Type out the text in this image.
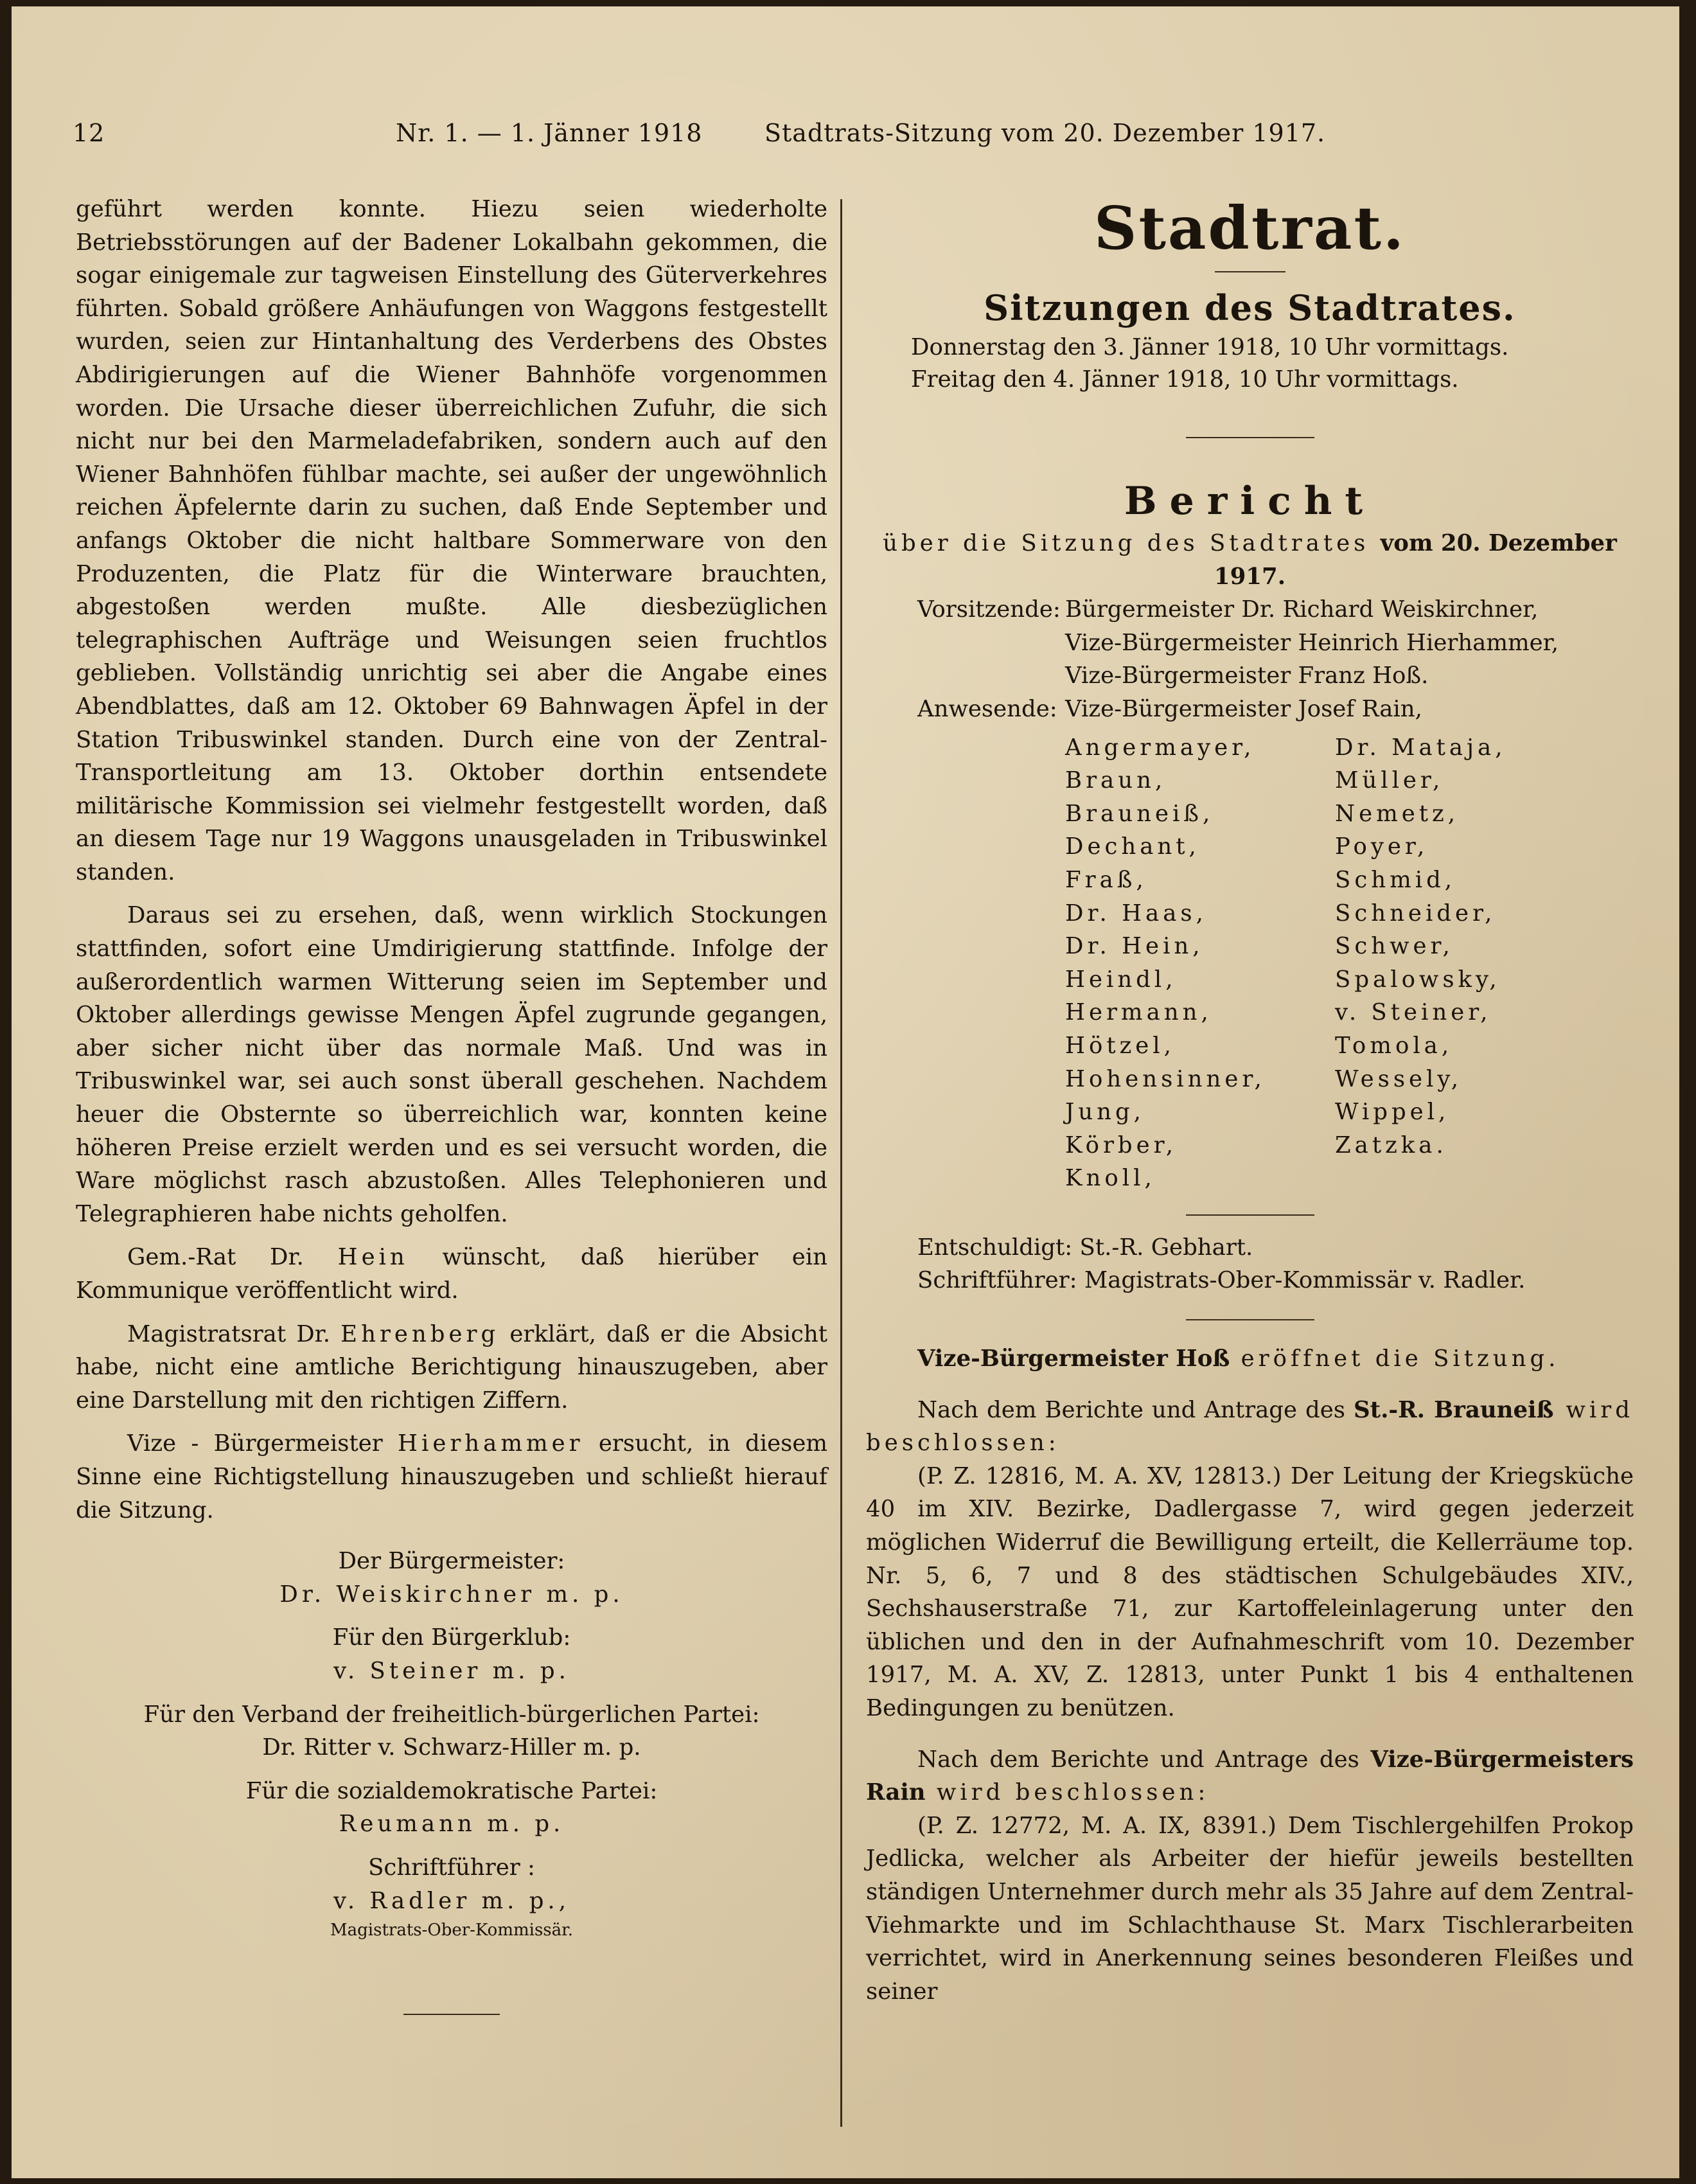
12	Nr. 1. — 1. Jänner 1918	Stadtrats-Sitzung vom 20. Dezember 1917.

geführt werden konnte. Hiezu seien wiederholte Betriebsstörungen auf der Badener Lokalbahn gekommen, die sogar einigemale zur tagweisen Einstellung des Güterverkehres führten. Sobald größere Anhäufungen von Waggons festgestellt wurden, seien zur Hintanhaltung des Verderbens des Obstes Abdirigierungen auf die Wiener Bahnhöfe vorgenommen worden. Die Ursache dieser überreichlichen Zufuhr, die sich nicht nur bei den Marmeladefabriken, sondern auch auf den Wiener Bahnhöfen fühlbar machte, sei außer der ungewöhnlich reichen Äpfelernte darin zu suchen, daß Ende September und anfangs Oktober die nicht haltbare Sommerware von den Produzenten, die Platz für die Winterware brauchten, abgestoßen werden mußte. Alle diesbezüglichen telegraphischen Aufträge und Weisungen seien fruchtlos geblieben. Vollständig unrichtig sei aber die Angabe eines Abendblattes, daß am 12. Oktober 69 Bahnwagen Äpfel in der Station Tribuswinkel standen. Durch eine von der Zentral-Transportleitung am 13. Oktober dorthin entsendete militärische Kommission sei vielmehr festgestellt worden, daß an diesem Tage nur 19 Waggons unausgeladen in Tribuswinkel standen.

Daraus sei zu ersehen, daß, wenn wirklich Stockungen stattfinden, sofort eine Umdirigierung stattfinde. Infolge der außerordentlich warmen Witterung seien im September und Oktober allerdings gewisse Mengen Äpfel zugrunde gegangen, aber sicher nicht über das normale Maß. Und was in Tribuswinkel war, sei auch sonst überall geschehen. Nachdem heuer die Obsternte so überreichlich war, konnten keine höheren Preise erzielt werden und es sei versucht worden, die Ware möglichst rasch abzustoßen. Alles Telephonieren und Telegraphieren habe nichts geholfen.

Gem.-Rat Dr. Hein wünscht, daß hierüber ein Kommunique veröffentlicht wird.

Magistratsrat Dr. Ehrenberg erklärt, daß er die Absicht habe, nicht eine amtliche Berichtigung hinauszugeben, aber eine Darstellung mit den richtigen Ziffern.

Vize - Bürgermeister Hierhammer ersucht, in diesem Sinne eine Richtigstellung hinauszugeben und schließt hierauf die Sitzung.

Der Bürgermeister:

Dr. Weiskirchner m. p.

Für den Bürgerklub:

v. Steiner m. p.

Für den Verband der freiheitlich-bürgerlichen Partei:

Dr. Ritter v. Schwarz-Hiller m. p.

Für die sozialdemokratische Partei:

Reumann m. p.

Schriftführer :

v. Radler m. p.,

Magistrats-Ober-Kommissär.

Stadtrat.
Sitzungen des Stadtrates.
Donnerstag den 3. Jänner 1918, 10 Uhr vormittags.
Freitag den 4. Jänner 1918, 10 Uhr vormittags.
Bericht

über die Sitzung des Stadtrates vom 20. Dezember 1917.

Vorsitzende: Bürgermeister Dr. Richard Weiskirchner,
Vize-Bürgermeister Heinrich Hierhammer,
Vize-Bürgermeister Franz Hoß.
Anwesende: Vize-Bürgermeister Josef Rain,
Angermayer,
Braun,
Brauneiß,
Dechant,
Fraß,
Dr. Haas,
Dr. Hein,
Heindl,
Hermann,
Hötzel,
Hohensinner,
Jung,
Körber,
Knoll,
Dr. Mataja,
Müller,
Nemetz,
Poyer,
Schmid,
Schneider,
Schwer,
Spalowsky,
v. Steiner,
Tomola,
Wessely,
Wippel,
Zatzka.

Entschuldigt: St.-R. Gebhart.

Schriftführer: Magistrats-Ober-Kommissär v. Radler.

Vize-Bürgermeister Hoß eröffnet die Sitzung.

Nach dem Berichte und Antrage des St.-R. Brauneiß wird beschlossen:

(P. Z. 12816, M. A. XV, 12813.) Der Leitung der Kriegsküche 40 im XIV. Bezirke, Dadlergasse 7, wird gegen jederzeit möglichen Widerruf die Bewilligung erteilt, die Kellerräume top. Nr. 5, 6, 7 und 8 des städtischen Schulgebäudes XIV., Sechshauserstraße 71, zur Kartoffeleinlagerung unter den üblichen und den in der Aufnahmeschrift vom 10. Dezember 1917, M. A. XV, Z. 12813, unter Punkt 1 bis 4 enthaltenen Bedingungen zu benützen.

Nach dem Berichte und Antrage des Vize-Bürgermeisters Rain wird beschlossen:

(P. Z. 12772, M. A. IX, 8391.) Dem Tischlergehilfen Prokop Jedlicka, welcher als Arbeiter der hiefür jeweils bestellten ständigen Unternehmer durch mehr als 35 Jahre auf dem Zentral-Viehmarkte und im Schlachthause St. Marx Tischlerarbeiten verrichtet, wird in Anerkennung seines besonderen Fleißes und seiner
